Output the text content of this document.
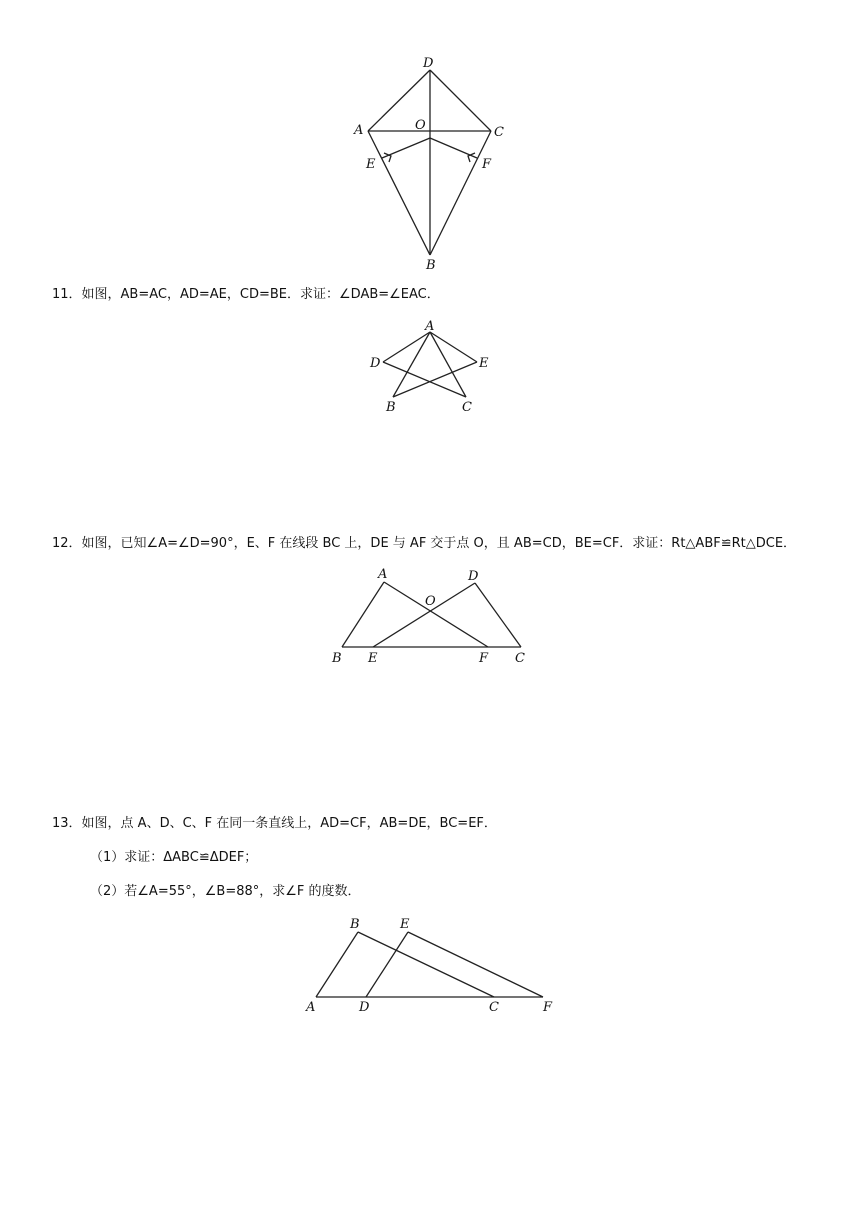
D
A	O	C
E	F
B
11．如图，AB=AC，AD=AE，CD=BE．求证：∠DAB=∠EAC．
A
D	E
B	C
12．如图，已知∠A=∠D=90°，E、F 在线段 BC 上，DE 与 AF 交于点 O，且 AB=CD，BE=CF．求证：Rt△ABF≌Rt△DCE．
A	D
O
B E	F C
13．如图，点 A、D、C、F 在同一条直线上，AD=CF，AB=DE，BC=EF．
（1）求证：ΔABC≌ΔDEF；
（2）若∠A=55°，∠B=88°，求∠F 的度数．
B	E
A	D	C	F
